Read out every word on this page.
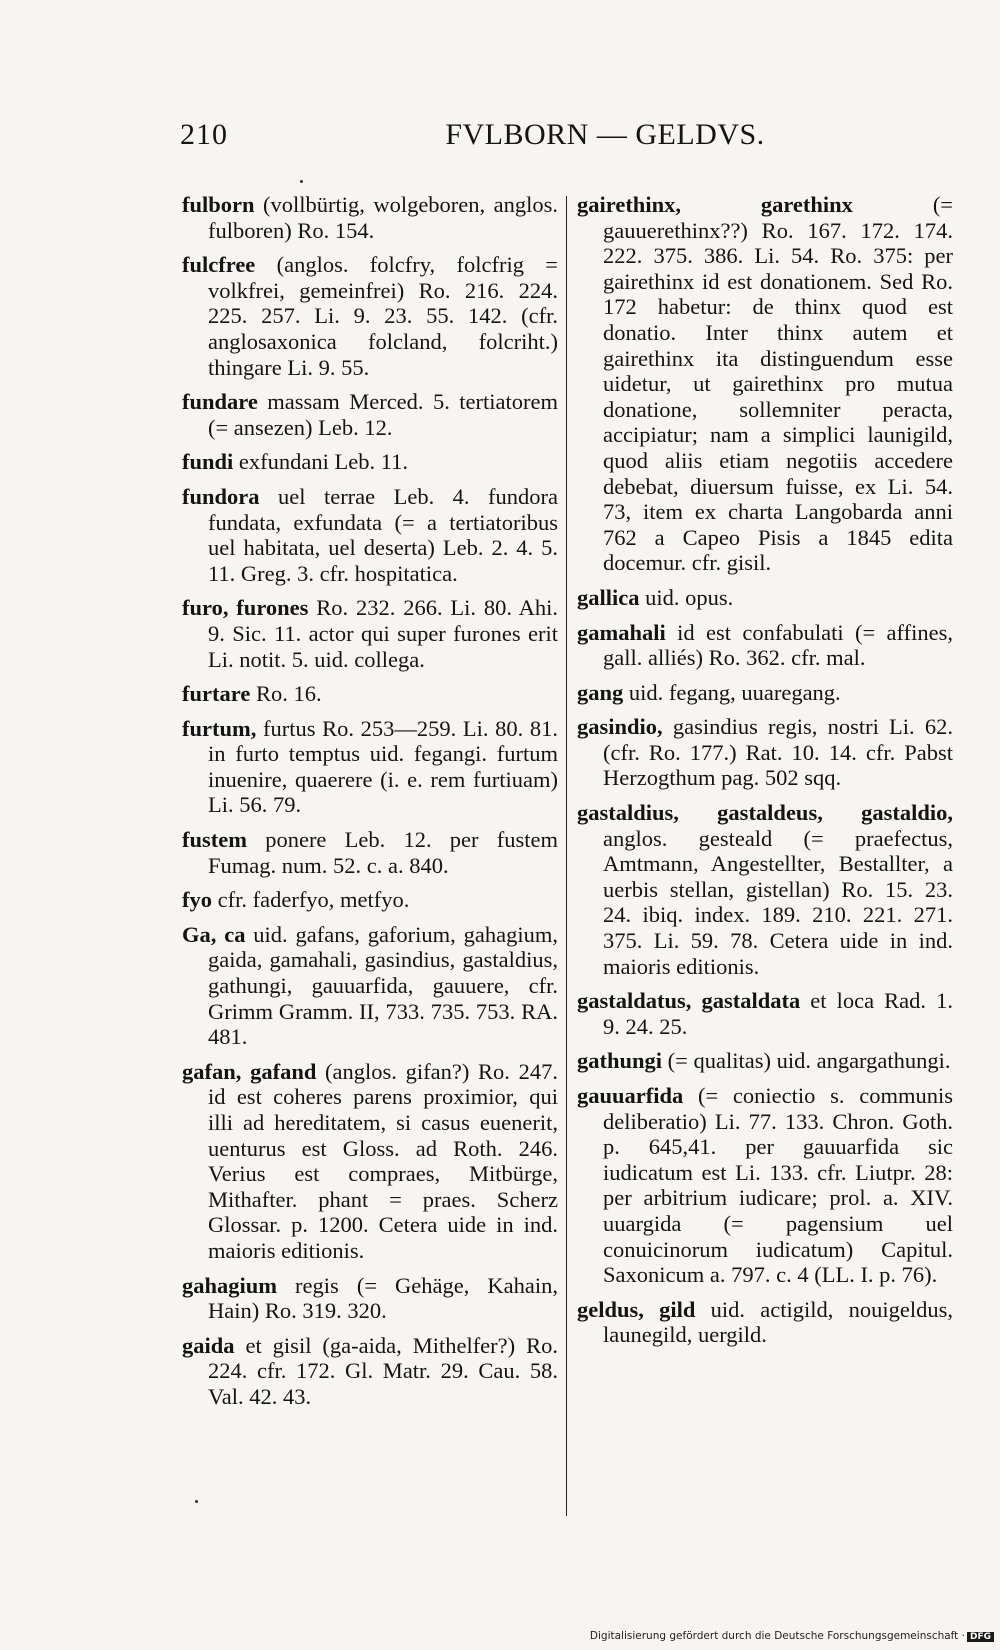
210	FVLBORN — GELDVS.

fulborn (vollbürtig, wolgeboren, anglos. fulboren) Ro. 154.

fulcfree (anglos. folcfry, folcfrig = volkfrei, gemeinfrei) Ro. 216. 224. 225. 257. Li. 9. 23. 55. 142. (cfr. anglosaxonica folcland, folcriht.) thingare Li. 9. 55.

fundare massam Merced. 5. tertiatorem (= ansezen) Leb. 12.

fundi exfundani Leb. 11.

fundora uel terrae Leb. 4. fundora fundata, exfundata (= a tertiatoribus uel habitata, uel deserta) Leb. 2. 4. 5. 11. Greg. 3. cfr. hospitatica.

furo, furones Ro. 232. 266. Li. 80. Ahi. 9. Sic. 11. actor qui super furones erit Li. notit. 5. uid. collega.

furtare Ro. 16.

furtum, furtus Ro. 253—259. Li. 80. 81. in furto temptus uid. fegangi. furtum inuenire, quaerere (i. e. rem furtiuam) Li. 56. 79.

fustem ponere Leb. 12. per fustem Fumag. num. 52. c. a. 840.

fyo cfr. faderfyo, metfyo.

Ga, ca uid. gafans, gaforium, gahagium, gaida, gamahali, gasindius, gastaldius, gathungi, gauuarfida, gauuere, cfr. Grimm Gramm. II, 733. 735. 753. RA. 481.

gafan, gafand (anglos. gifan?) Ro. 247. id est coheres parens proximior, qui illi ad hereditatem, si casus euenerit, uenturus est Gloss. ad Roth. 246. Verius est compraes, Mitbürge, Mithafter. phant = praes. Scherz Glossar. p. 1200. Cetera uide in ind. maioris editionis.

gahagium regis (= Gehäge, Kahain, Hain) Ro. 319. 320.

gaida et gisil (ga-aida, Mithelfer?) Ro. 224. cfr. 172. Gl. Matr. 29. Cau. 58. Val. 42. 43.

gairethinx, garethinx (= gauuerethinx??) Ro. 167. 172. 174. 222. 375. 386. Li. 54. Ro. 375: per gairethinx id est donationem. Sed Ro. 172 habetur: de thinx quod est donatio. Inter thinx autem et gairethinx ita distinguendum esse uidetur, ut gairethinx pro mutua donatione, sollemniter peracta, accipiatur; nam a simplici launigild, quod aliis etiam negotiis accedere debebat, diuersum fuisse, ex Li. 54. 73, item ex charta Langobarda anni 762 a Capeo Pisis a 1845 edita docemur. cfr. gisil.

gallica uid. opus.

gamahali id est confabulati (= affines, gall. alliés) Ro. 362. cfr. mal.

gang uid. fegang, uuaregang.

gasindio, gasindius regis, nostri Li. 62. (cfr. Ro. 177.) Rat. 10. 14. cfr. Pabst Herzogthum pag. 502 sqq.

gastaldius, gastaldeus, gastaldio, anglos. gesteald (= praefectus, Amtmann, Angestellter, Bestallter, a uerbis stellan, gistellan) Ro. 15. 23. 24. ibiq. index. 189. 210. 221. 271. 375. Li. 59. 78. Cetera uide in ind. maioris editionis.

gastaldatus, gastaldata et loca Rad. 1. 9. 24. 25.

gathungi (= qualitas) uid. angargathungi.

gauuarfida (= coniectio s. communis deliberatio) Li. 77. 133. Chron. Goth. p. 645,41. per gauuarfida sic iudicatum est Li. 133. cfr. Liutpr. 28: per arbitrium iudicare; prol. a. XIV. uuargida (= pagensium uel conuicinorum iudicatum) Capitul. Saxonicum a. 797. c. 4 (LL. I. p. 76).

geldus, gild uid. actigild, nouigeldus, launegild, uergild.

Digitalisierung gefördert durch die Deutsche Forschungsgemeinschaft · DFG
